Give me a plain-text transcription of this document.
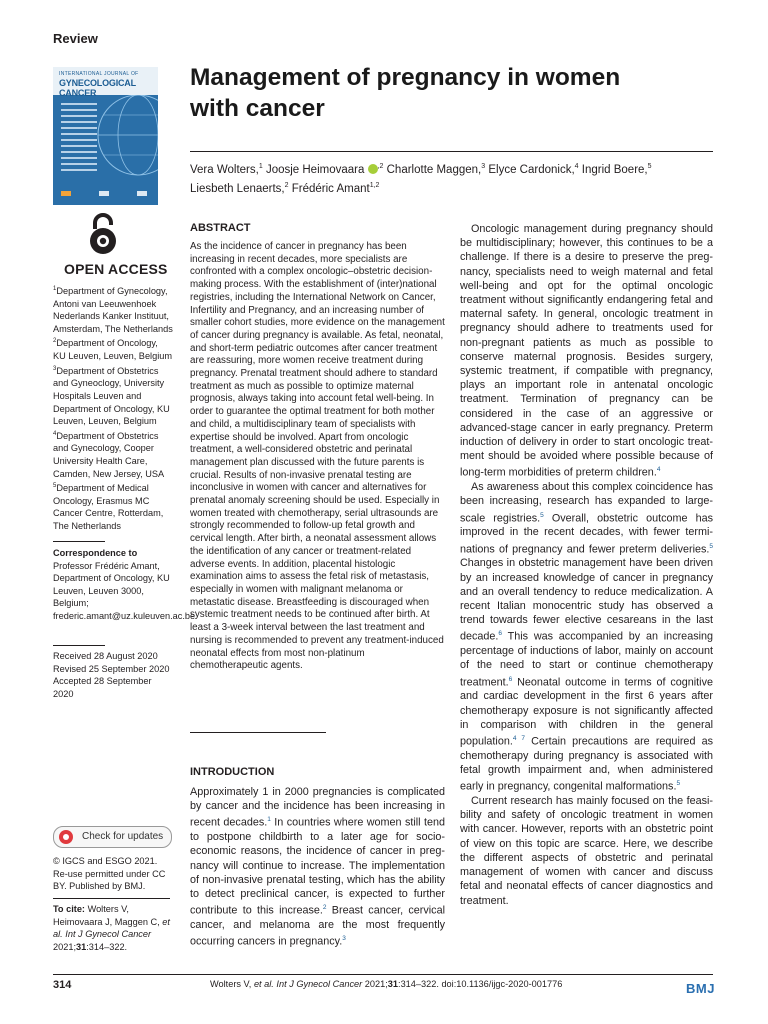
Review
INTERNATIONAL JOURNAL OF
GYNECOLOGICAL CANCER
OPEN ACCESS
$^1$Department of Gynecology, Antoni van Leeuwenhoek Nederlands Kanker Instituut, Amsterdam, The Netherlands
$^2$Department of Oncology, KU Leuven, Leuven, Belgium
$^3$Department of Obstetrics and Gyneoclogy, University Hospitals Leuven and Department of Oncology, KU Leuven, Leuven, Belgium
$^4$Department of Obstetrics and Gynecology, Cooper University Health Care, Camden, New Jersey, USA
$^5$Department of Medical Oncology, Erasmus MC Cancer Centre, Rotterdam, The Netherlands
Correspondence to
Professor Frédéric Amant, Department of Oncology, KU Leuven, Leuven 3000, Belgium; frederic.amant@uz.kuleuven.ac.be
Received 28 August 2020
Revised 25 September 2020
Accepted 28 September 2020
Check for updates
© IGCS and ESGO 2021. Re-use permitted under CC BY. Published by BMJ.
To cite: Wolters V, Heimovaara J, Maggen C, et al. Int J Gynecol Cancer 2021;31:314–322.
Management of pregnancy in women with cancer
Vera Wolters,$^1$ Joosje Heimovaara $^{,2}$ Charlotte Maggen,$^3$ Elyce Cardonick,$^4$ Ingrid Boere,$^5$
Liesbeth Lenaerts,$^2$ Frédéric Amant$^{1,2}$
ABSTRACT
As the incidence of cancer in pregnancy has been increasing in recent decades, more specialists are confronted with a complex oncologic–obstetric decision-making process. With the establishment of (inter)national registries, including the International Network on Cancer, Infertility and Pregnancy, and an increasing number of smaller cohort studies, more evidence on the management of cancer during pregnancy is available. As fetal, neonatal, and short-term pediatric outcomes after cancer treatment are reassuring, more women receive treatment during pregnancy. Prenatal treatment should adhere to standard treatment as much as possible to optimize maternal prognosis, always taking into account fetal well-being. In order to guarantee the optimal treatment for both mother and child, a multidisciplinary team of specialists with expertise should be involved. Apart from oncologic treatment, a well-considered obstetric and perinatal management plan discussed with the future parents is crucial. Results of non-invasive prenatal testing are inconclusive in women with cancer and alternatives for prenatal anomaly screening should be used. Especially in women treated with chemotherapy, serial ultrasounds are strongly recommended to follow-up fetal growth and cervical length. After birth, a neonatal assessment allows the identification of any cancer or treatment-related adverse events. In addition, placental histologic examination aims to assess the fetal risk of metastasis, especially in women with malignant melanoma or metastatic disease. Breastfeeding is discouraged when systemic treatment needs to be continued after birth. At least a 3-week interval between the last treatment and nursing is recommended to prevent any treatment-induced neonatal effects from most non-platinum chemotherapeutic agents.
INTRODUCTION

Approximately 1 in 2000 pregnancies is complicated by cancer and the incidence has been increasing in recent decades.$^1$ In countries where women still tend to postpone childbirth to a later age for socioeconomic reasons, the incidence of cancer in pregnancy will continue to increase. The implementation of non-invasive prenatal testing, which has the ability to detect preclinical cancer, is expected to further contribute to this increase.$^2$ Breast cancer, cervical cancer, and melanoma are the most frequently occurring cancers in pregnancy.$^3$

Oncologic management during pregnancy should be multidisciplinary; however, this continues to be a challenge. If there is a desire to preserve the pregnancy, specialists need to weigh maternal and fetal well-being and opt for the optimal oncologic treatment without significantly endangering fetal and maternal safety. In general, oncologic treatment in pregnancy should adhere to treatments used for non-pregnant patients as much as possible to conserve maternal prognosis. Besides surgery, systemic treatment, if compatible with pregnancy, plays an important role in antenatal oncologic treatment. Termination of pregnancy can be considered in the case of an aggressive or advanced-stage cancer in early pregnancy. Preterm induction of delivery in order to start oncologic treatment should be avoided where possible because of long-term morbidities of preterm children.$^4$

As awareness about this complex coincidence has been increasing, research has expanded to large-scale registries.$^5$ Overall, obstetric outcome has improved in the recent decades, with fewer terminations of pregnancy and fewer preterm deliveries.$^5$ Changes in obstetric management have been driven by an increased knowledge of cancer in pregnancy and an overall tendency to reduce medicalization. A recent Italian monocentric study has observed a trend towards fewer elective cesareans in the last decade.$^6$ This was accompanied by an increasing percentage of inductions of labor, mainly on account of the need to start or continue chemotherapy treatment.$^6$ Neonatal outcome in terms of cognitive and cardiac development in the first 6 years after chemotherapy exposure is not significantly affected in comparison with children in the general population.$^{4 7}$ Certain precautions are required as chemotherapy during pregnancy is associated with fetal growth impairment and, when administered early in pregnancy, congenital malformations.$^5$

Current research has mainly focused on the feasibility and safety of oncologic treatment in women with cancer. However, reports with an obstetric point of view on this topic are scarce. Here, we describe the different aspects of obstetric and perinatal management of women with cancer and discuss fetal and neonatal effects of cancer diagnostics and treatment.

314	Wolters V, et al. Int J Gynecol Cancer 2021;31:314–322. doi:10.1136/ijgc-2020-001776	BMJ
